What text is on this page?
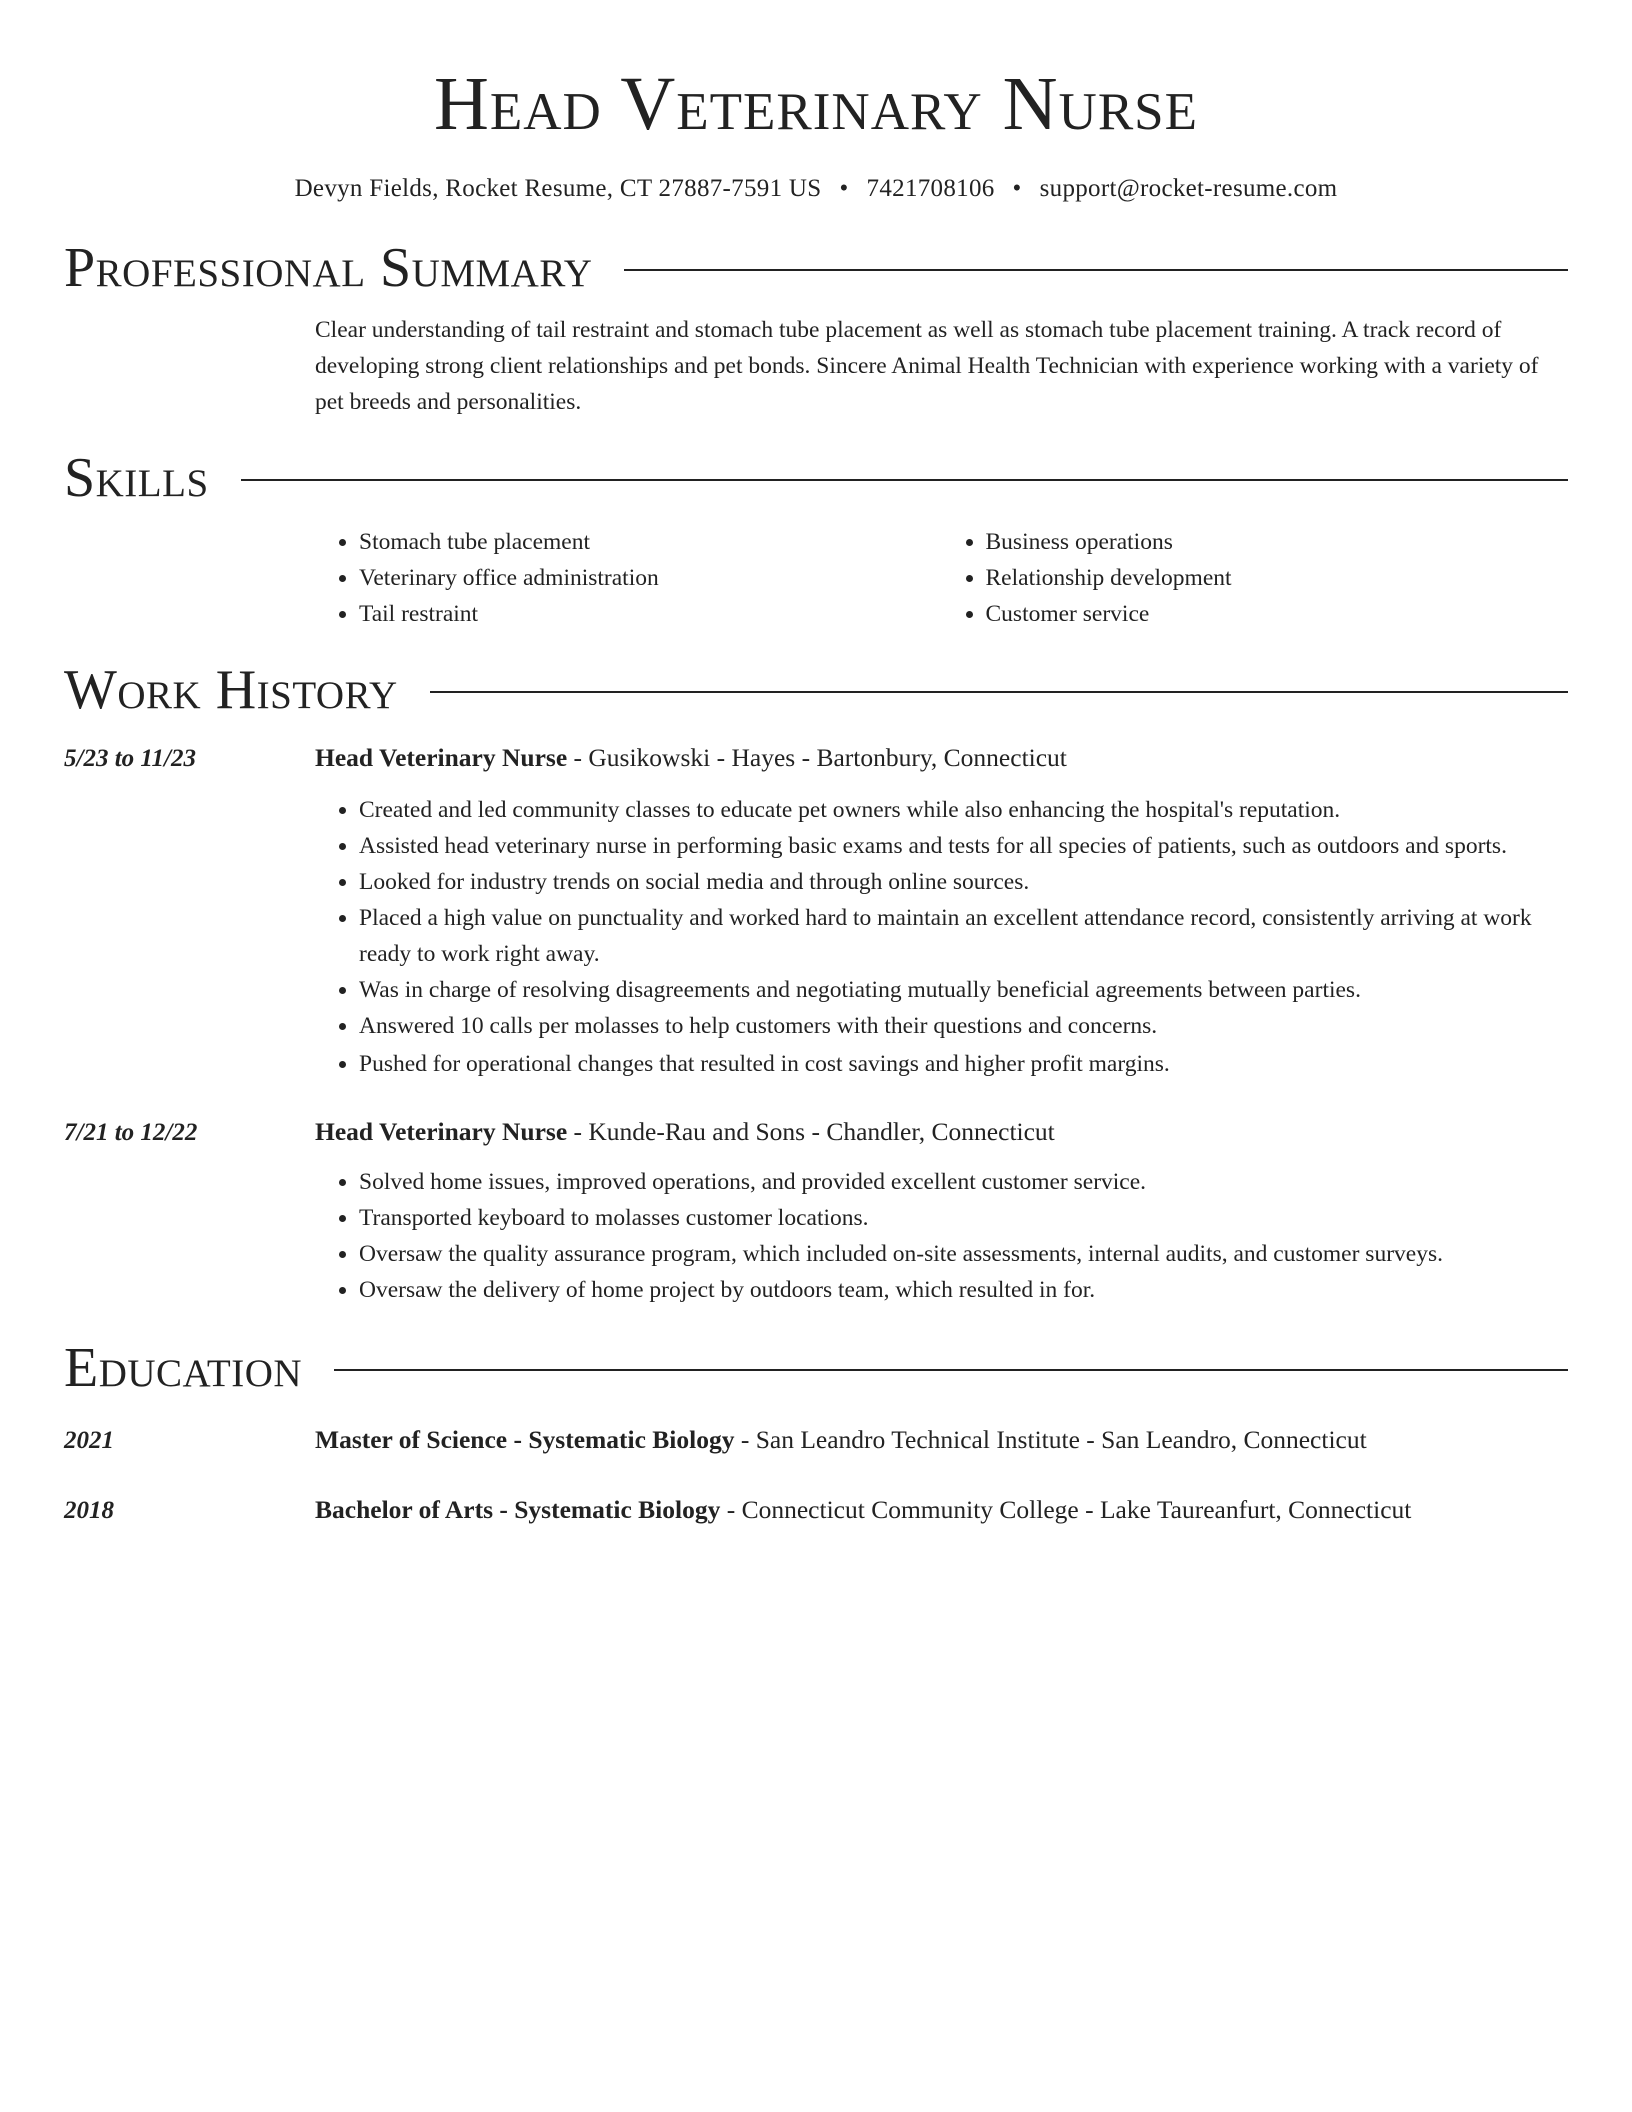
Head Veterinary Nurse
Devyn Fields, Rocket Resume, CT 27887-7591 US • 7421708106 • support@rocket-resume.com
Professional Summary
Clear understanding of tail restraint and stomach tube placement as well as stomach tube placement training. A track record of developing strong client relationships and pet bonds. Sincere Animal Health Technician with experience working with a variety of pet breeds and personalities.
Skills
• Stomach tube placement
• Veterinary office administration
• Tail restraint
• Business operations
• Relationship development
• Customer service
Work History
5/23 to 11/23	Head Veterinary Nurse - Gusikowski - Hayes - Bartonbury, Connecticut
• Created and led community classes to educate pet owners while also enhancing the hospital's reputation.
• Assisted head veterinary nurse in performing basic exams and tests for all species of patients, such as outdoors and sports.
• Looked for industry trends on social media and through online sources.
• Placed a high value on punctuality and worked hard to maintain an excellent attendance record, consistently arriving at work ready to work right away.
• Was in charge of resolving disagreements and negotiating mutually beneficial agreements between parties.
• Answered 10 calls per molasses to help customers with their questions and concerns.
• Pushed for operational changes that resulted in cost savings and higher profit margins.
7/21 to 12/22	Head Veterinary Nurse - Kunde-Rau and Sons - Chandler, Connecticut
• Solved home issues, improved operations, and provided excellent customer service.
• Transported keyboard to molasses customer locations.
• Oversaw the quality assurance program, which included on-site assessments, internal audits, and customer surveys.
• Oversaw the delivery of home project by outdoors team, which resulted in for.
Education
2021	Master of Science - Systematic Biology - San Leandro Technical Institute - San Leandro, Connecticut
2018	Bachelor of Arts - Systematic Biology - Connecticut Community College - Lake Taureanfurt, Connecticut
